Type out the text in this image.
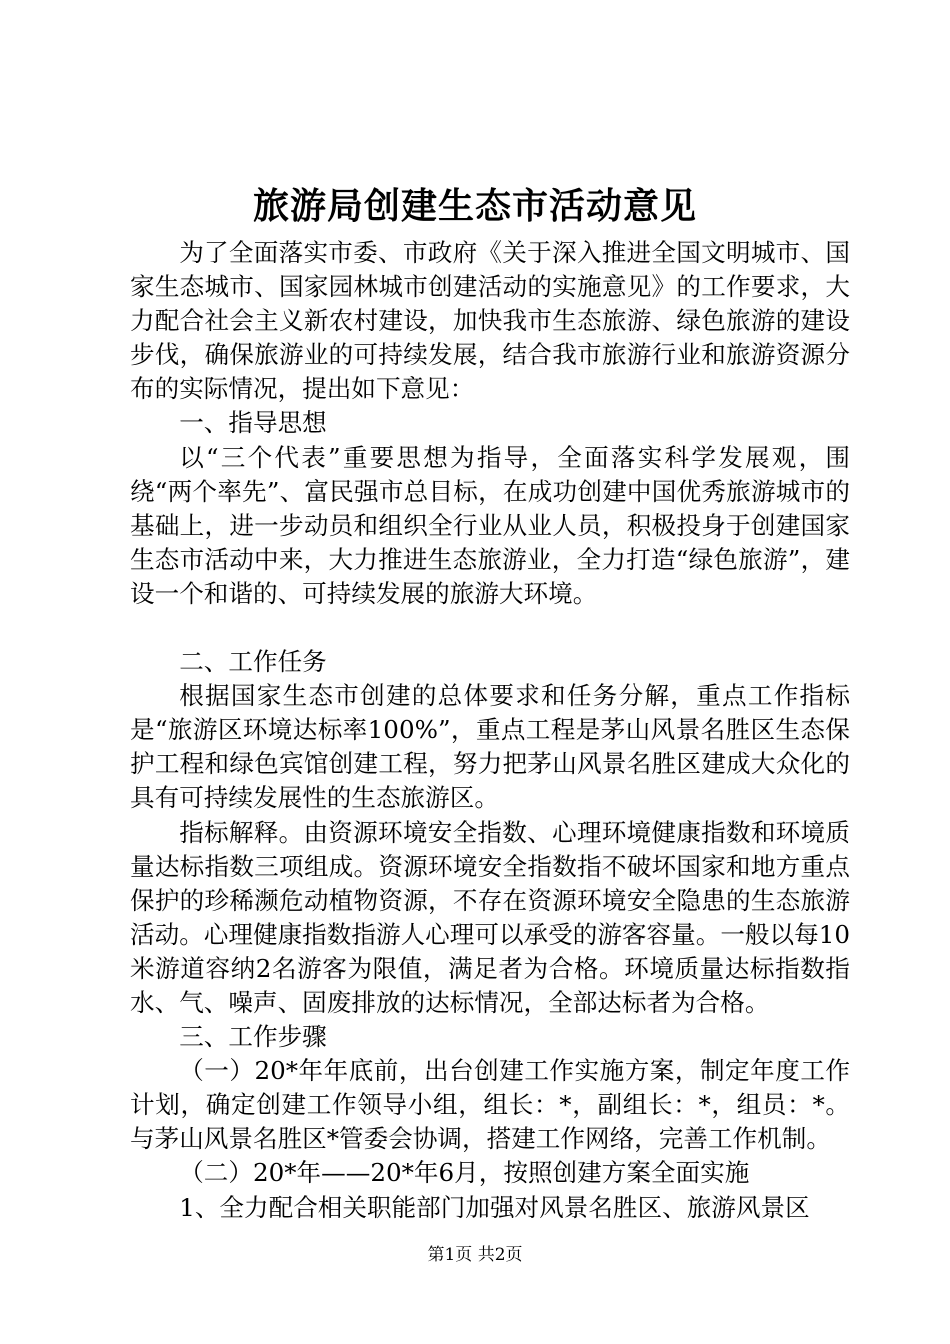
旅游局创建生态市活动意见

为了全面落实市委、市政府《关于深入推进全国文明城市、国家生态城市、国家园林城市创建活动的实施意见》的工作要求，大力配合社会主义新农村建设，加快我市生态旅游、绿色旅游的建设步伐，确保旅游业的可持续发展，结合我市旅游行业和旅游资源分布的实际情况，提出如下意见：

一、指导思想

以“三个代表”重要思想为指导，全面落实科学发展观，围绕“两个率先”、富民强市总目标，在成功创建中国优秀旅游城市的基础上，进一步动员和组织全行业从业人员，积极投身于创建国家生态市活动中来，大力推进生态旅游业，全力打造“绿色旅游”，建设一个和谐的、可持续发展的旅游大环境。

二、工作任务

根据国家生态市创建的总体要求和任务分解，重点工作指标是“旅游区环境达标率100%”，重点工程是茅山风景名胜区生态保护工程和绿色宾馆创建工程，努力把茅山风景名胜区建成大众化的具有可持续发展性的生态旅游区。

指标解释。由资源环境安全指数、心理环境健康指数和环境质量达标指数三项组成。资源环境安全指数指不破坏国家和地方重点保护的珍稀濒危动植物资源，不存在资源环境安全隐患的生态旅游活动。心理健康指数指游人心理可以承受的游客容量。一般以每10米游道容纳2名游客为限值，满足者为合格。环境质量达标指数指水、气、噪声、固废排放的达标情况，全部达标者为合格。

三、工作步骤

（一）20*年年底前，出台创建工作实施方案，制定年度工作计划，确定创建工作领导小组，组长：*，副组长：*，组员：*。与茅山风景名胜区*管委会协调，搭建工作网络，完善工作机制。

（二）20*年——20*年6月，按照创建方案全面实施

1、全力配合相关职能部门加强对风景名胜区、旅游风景区

第1页 共2页
